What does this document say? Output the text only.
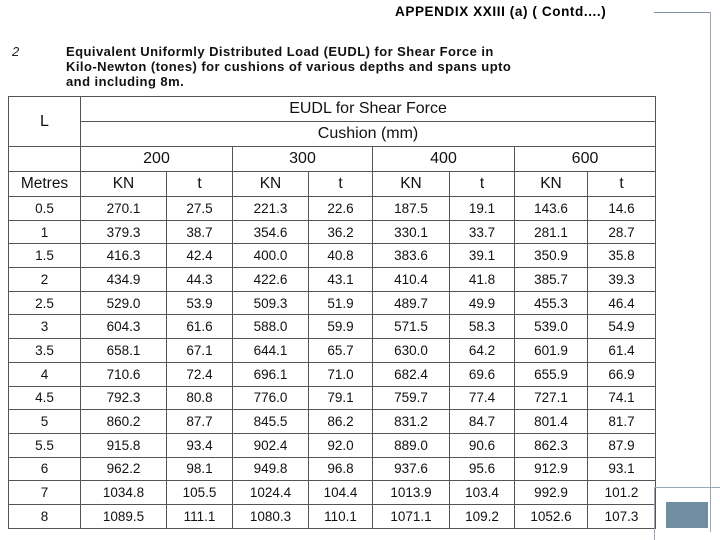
APPENDIX XXIII (a) ( Contd....)
2	Equivalent Uniformly Distributed Load (EUDL) for Shear Force in
Kilo-Newton (tones) for cushions of various depths and spans upto
and including 8m.
L	EUDL for Shear Force							
	Cushion (mm)							
	200		300		400		600	
Metres	KN	t	KN	t	KN	t	KN	t
0.5	270.1	27.5	221.3	22.6	187.5	19.1	143.6	14.6
1	379.3	38.7	354.6	36.2	330.1	33.7	281.1	28.7
1.5	416.3	42.4	400.0	40.8	383.6	39.1	350.9	35.8
2	434.9	44.3	422.6	43.1	410.4	41.8	385.7	39.3
2.5	529.0	53.9	509.3	51.9	489.7	49.9	455.3	46.4
3	604.3	61.6	588.0	59.9	571.5	58.3	539.0	54.9
3.5	658.1	67.1	644.1	65.7	630.0	64.2	601.9	61.4
4	710.6	72.4	696.1	71.0	682.4	69.6	655.9	66.9
4.5	792.3	80.8	776.0	79.1	759.7	77.4	727.1	74.1
5	860.2	87.7	845.5	86.2	831.2	84.7	801.4	81.7
5.5	915.8	93.4	902.4	92.0	889.0	90.6	862.3	87.9
6	962.2	98.1	949.8	96.8	937.6	95.6	912.9	93.1
7	1034.8	105.5	1024.4	104.4	1013.9	103.4	992.9	101.2
8	1089.5	111.1	1080.3	110.1	1071.1	109.2	1052.6	107.3
